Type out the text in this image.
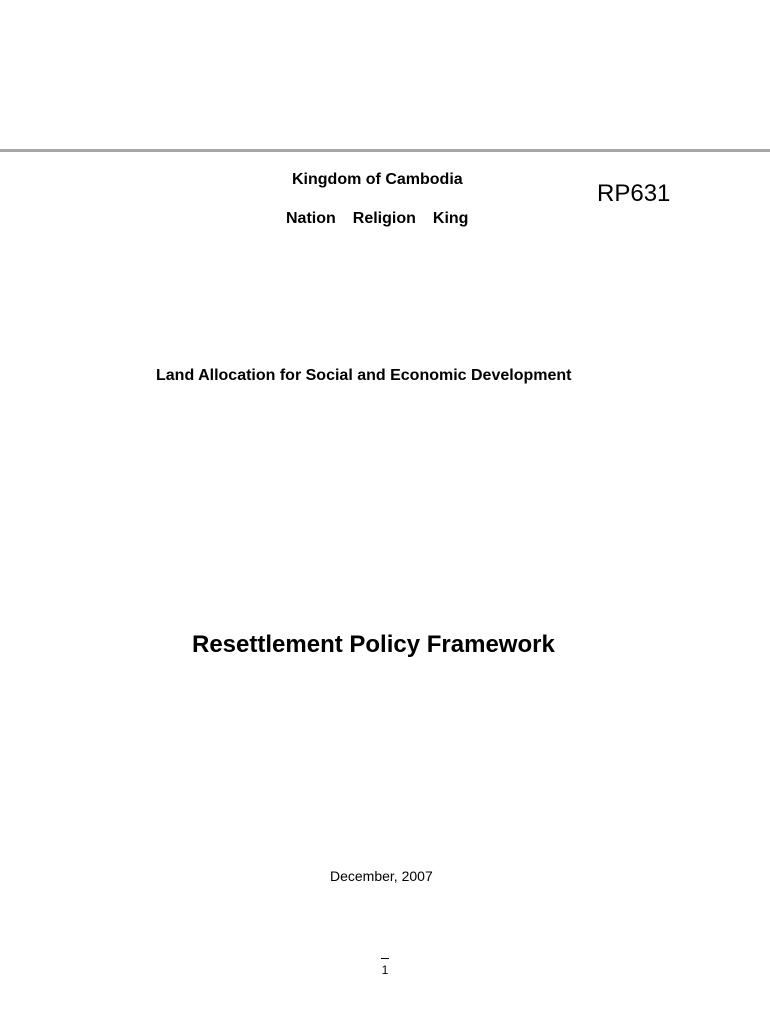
Kingdom of Cambodia
Nation Religion King
RP631
Land Allocation for Social and Economic Development
Resettlement Policy Framework
December, 2007
1
